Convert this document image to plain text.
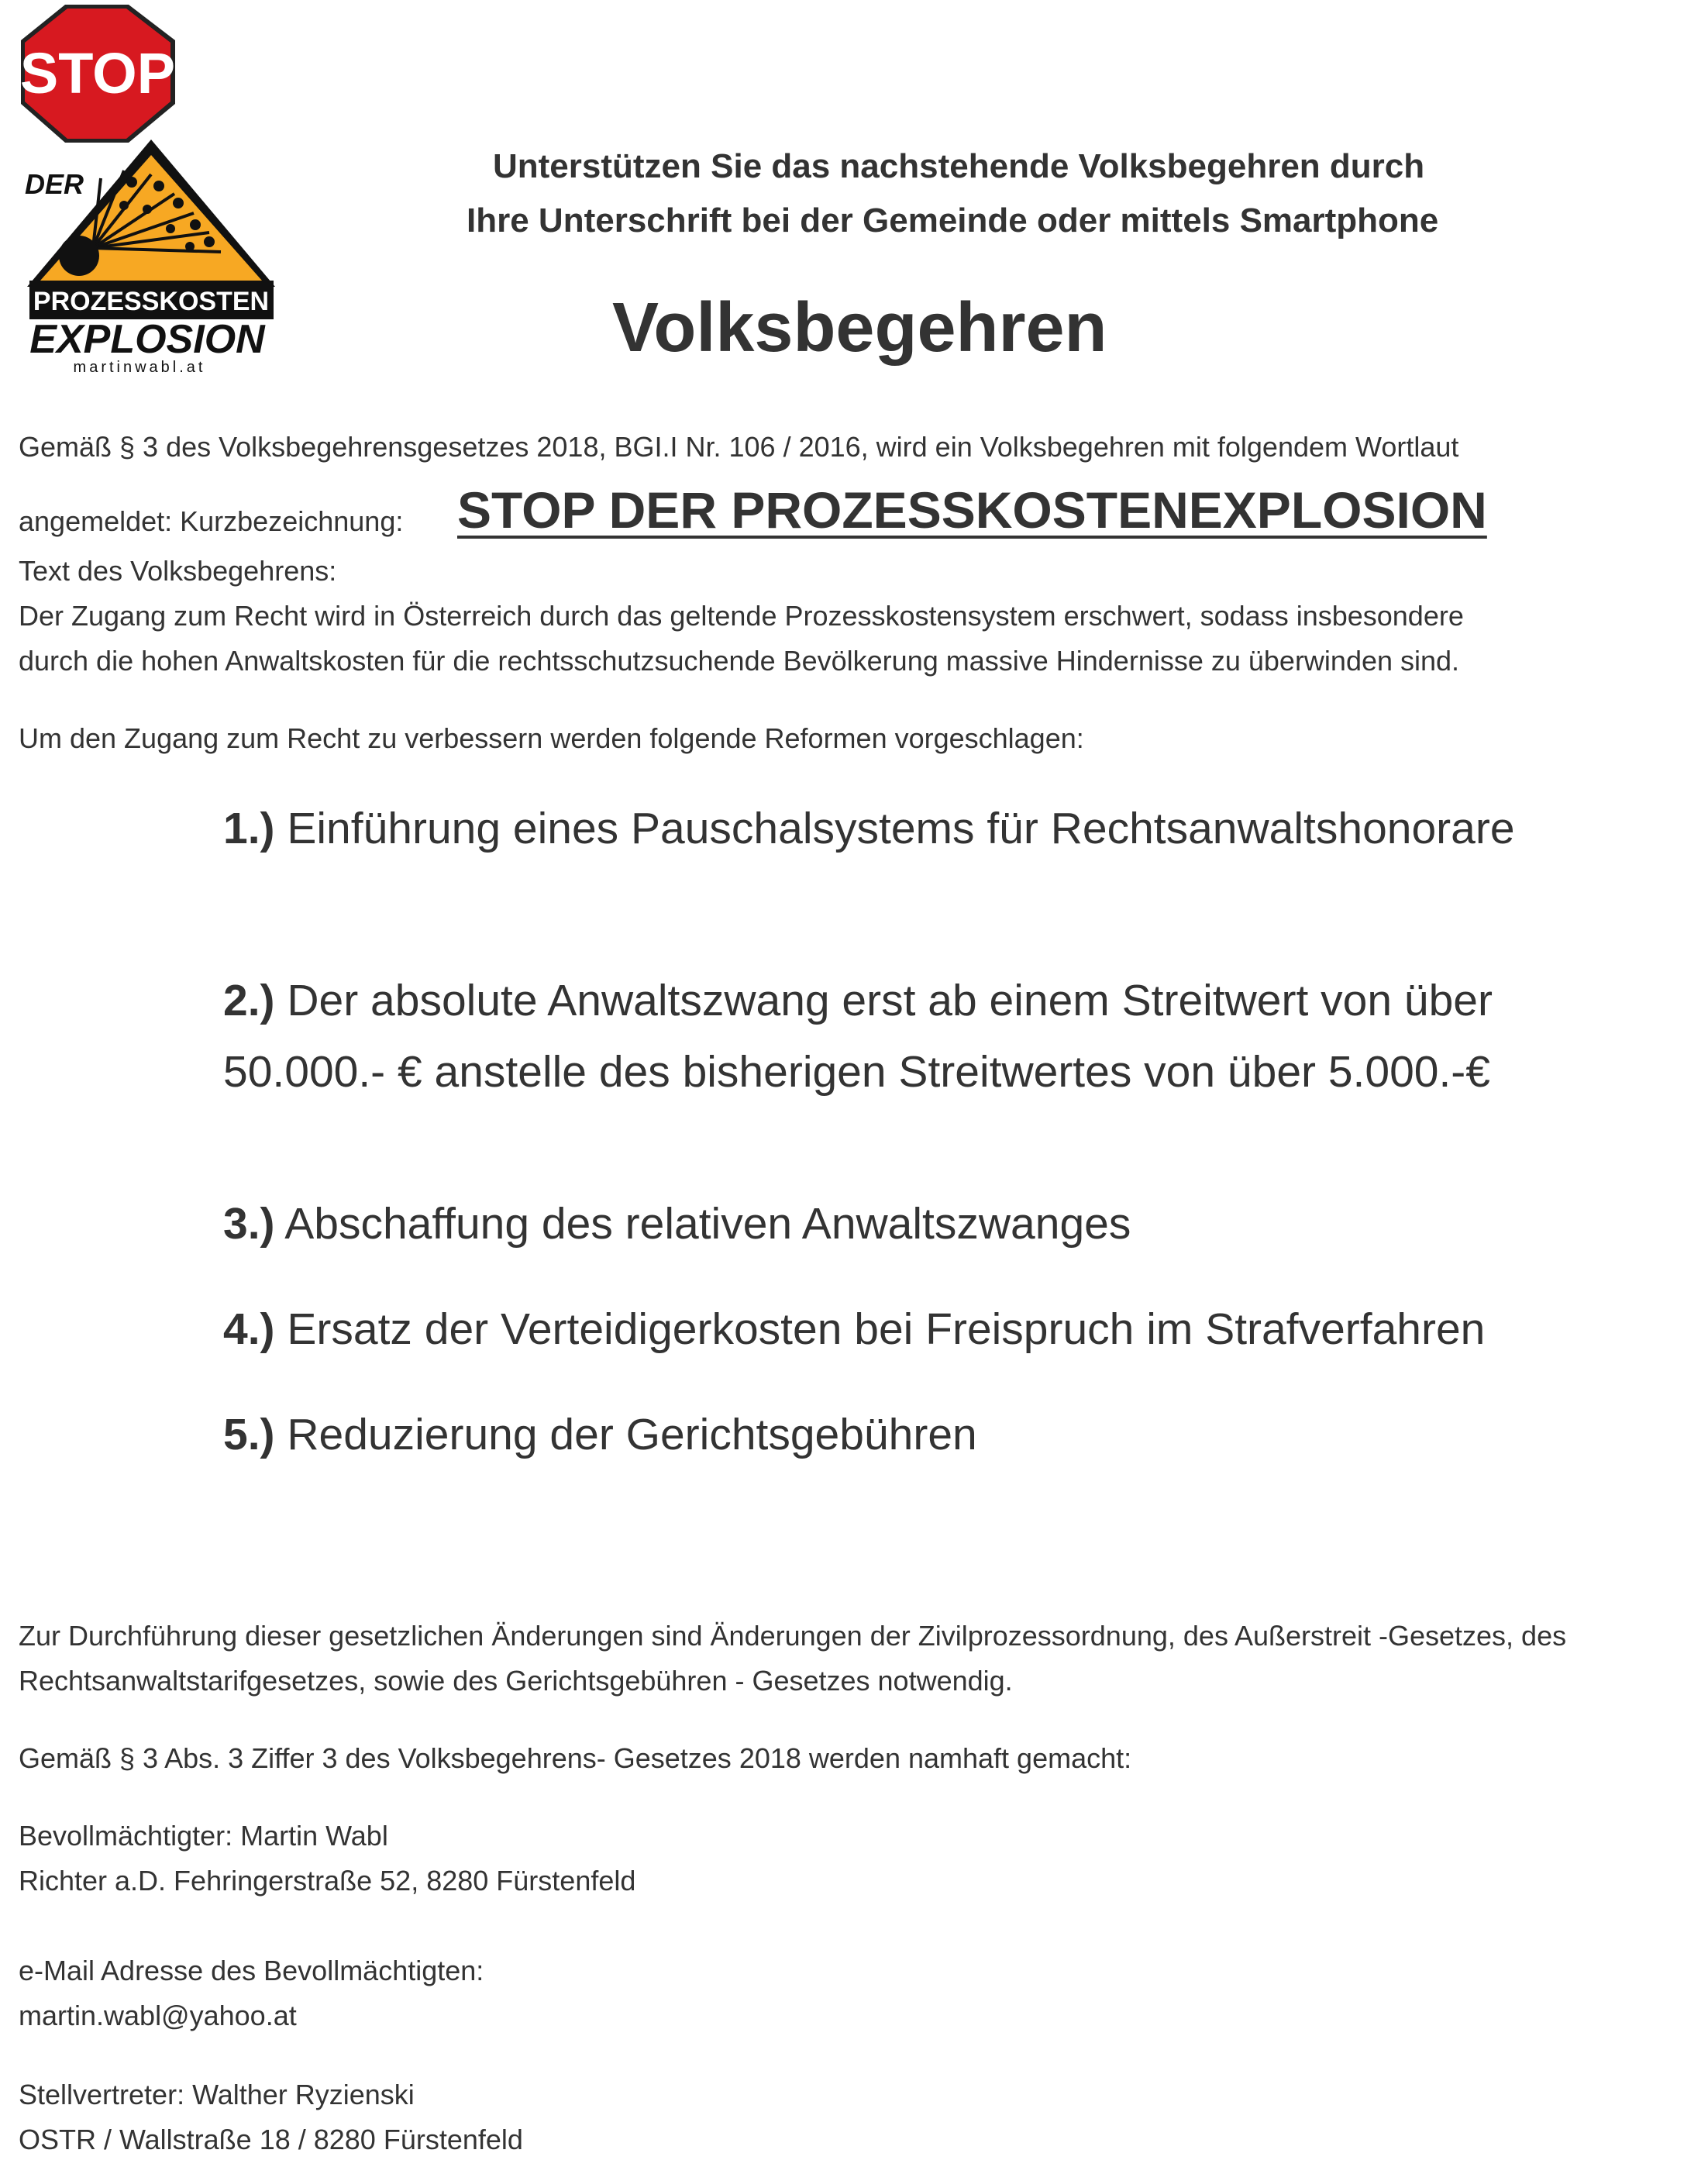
STOP
DER
PROZESSKOSTEN
EXPLOSION
martinwabl.at
Unterstützen Sie das nachstehende Volksbegehren durch
Ihre Unterschrift bei der Gemeinde oder mittels Smartphone
Volksbegehren
Gemäß § 3 des Volksbegehrensgesetzes 2018, BGI.I Nr. 106 / 2016, wird ein Volksbegehren mit folgendem Wortlaut
angemeldet: Kurzbezeichnung: STOP DER PROZESSKOSTENEXPLOSION
Text des Volksbegehrens:
Der Zugang zum Recht wird in Österreich durch das geltende Prozesskostensystem erschwert, sodass insbesondere
durch die hohen Anwaltskosten für die rechtsschutzsuchende Bevölkerung massive Hindernisse zu überwinden sind.
Um den Zugang zum Recht zu verbessern werden folgende Reformen vorgeschlagen:
1.) Einführung eines Pauschalsystems für Rechtsanwaltshonorare
2.) Der absolute Anwaltszwang erst ab einem Streitwert von über
50.000.- € anstelle des bisherigen Streitwertes von über 5.000.-€
3.) Abschaffung des relativen Anwaltszwanges
4.) Ersatz der Verteidigerkosten bei Freispruch im Strafverfahren
5.) Reduzierung der Gerichtsgebühren
Zur Durchführung dieser gesetzlichen Änderungen sind Änderungen der Zivilprozessordnung, des Außerstreit -Gesetzes, des
Rechtsanwaltstarifgesetzes, sowie des Gerichtsgebühren - Gesetzes notwendig.
Gemäß § 3 Abs. 3 Ziffer 3 des Volksbegehrens- Gesetzes 2018 werden namhaft gemacht:
Bevollmächtigter: Martin Wabl
Richter a.D. Fehringerstraße 52, 8280 Fürstenfeld
e-Mail Adresse des Bevollmächtigten:
martin.wabl@yahoo.at
Stellvertreter: Walther Ryzienski
OSTR / Wallstraße 18 / 8280 Fürstenfeld
